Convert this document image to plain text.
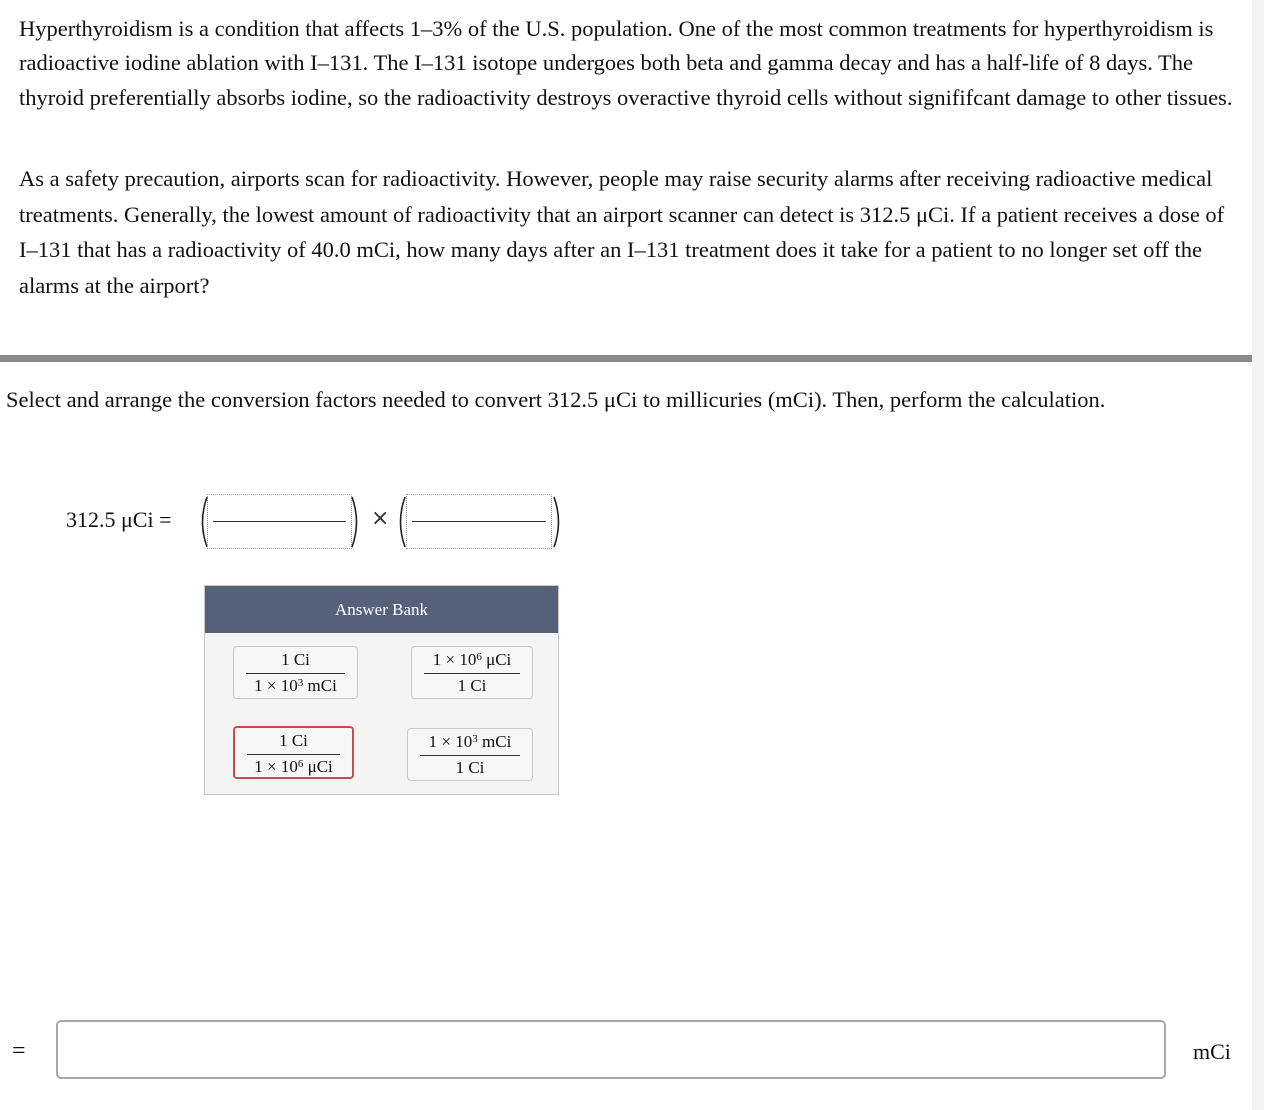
Hyperthyroidism is a condition that affects 1–3% of the U.S. population. One of the most common treatments for hyperthyroidism is radioactive iodine ablation with I–131. The I–131 isotope undergoes both beta and gamma decay and has a half-life of 8 days. The thyroid preferentially absorbs iodine, so the radioactivity destroys overactive thyroid cells without signififcant damage to other tissues.

As a safety precaution, airports scan for radioactivity. However, people may raise security alarms after receiving radioactive medical treatments. Generally, the lowest amount of radioactivity that an airport scanner can detect is 312.5 μCi. If a patient receives a dose of I–131 that has a radioactivity of 40.0 mCi, how many days after an I–131 treatment does it take for a patient to no longer set off the alarms at the airport?

Select and arrange the conversion factors needed to convert 312.5 μCi to millicuries (mCi). Then, perform the calculation.

312.5 μCi =	×
Answer Bank
1 Ci
$1 \times 10^3$ mCi
$1 \times 10^6$ μCi
1 Ci
1 Ci
$1 \times 10^6$ μCi
$1 \times 10^3$ mCi
1 Ci
=	mCi
